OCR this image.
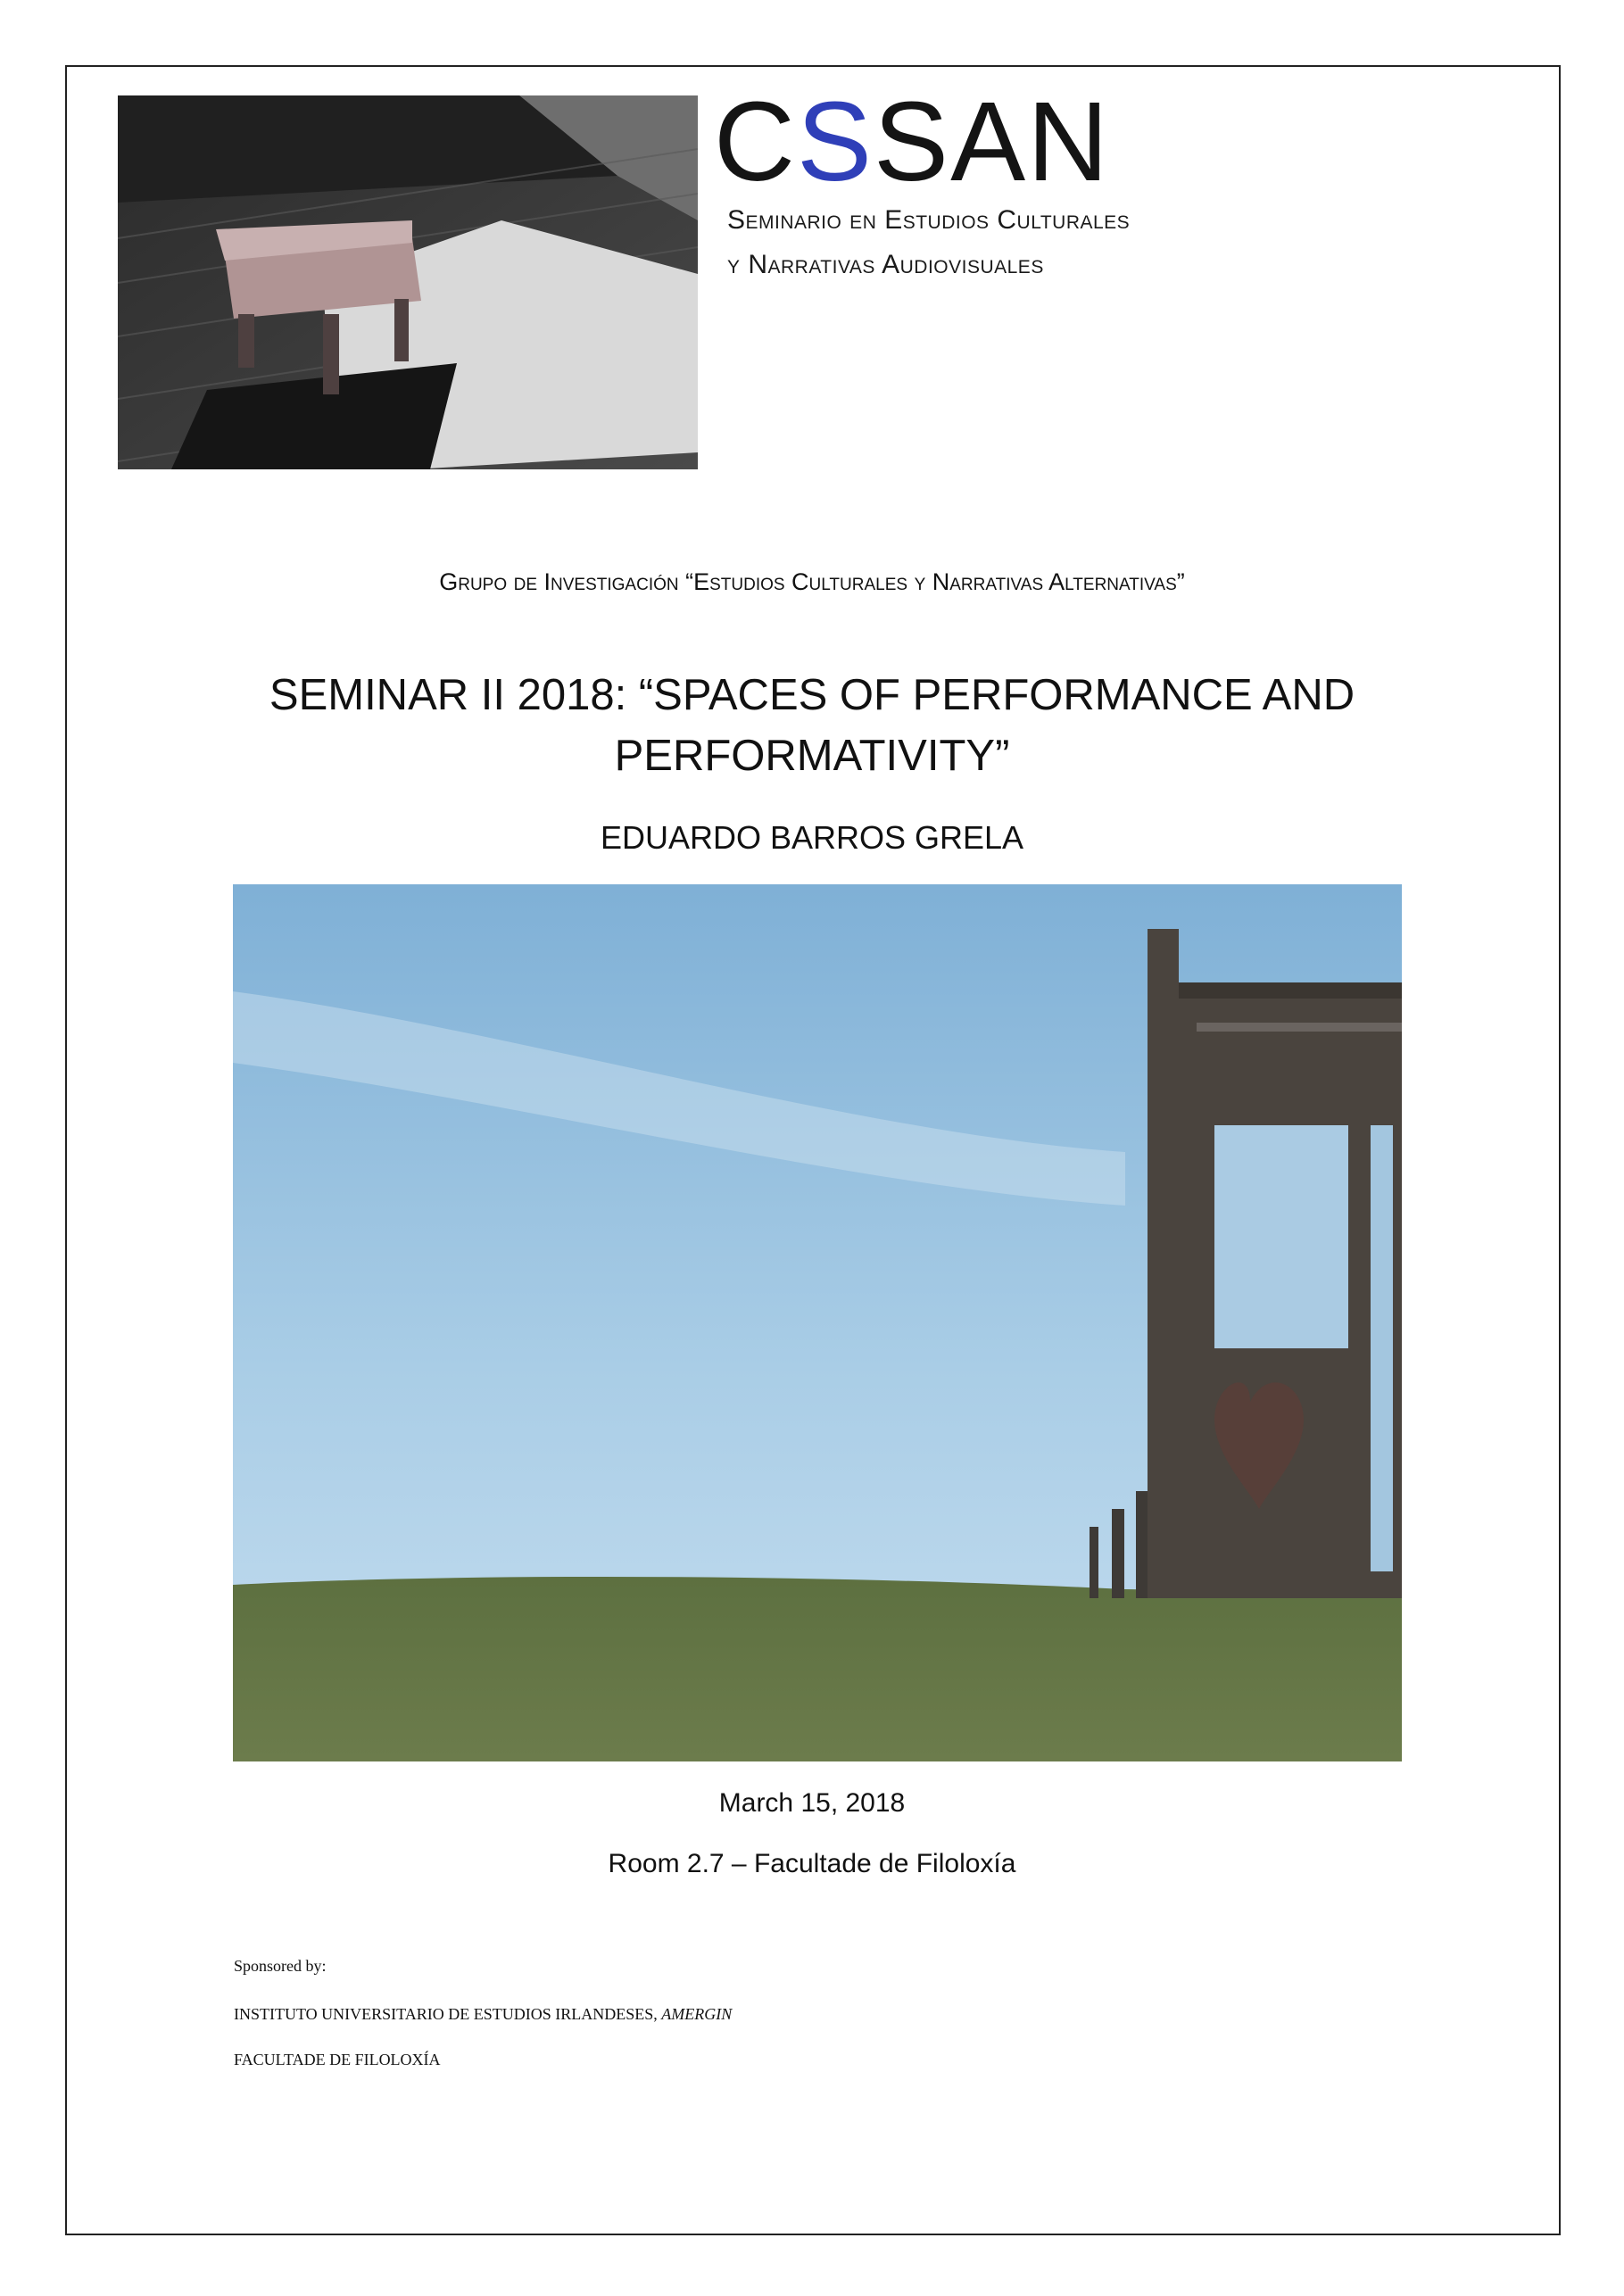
CSSAN
Seminario en Estudios Culturales
y Narrativas Audiovisuales
Grupo de Investigación “Estudios Culturales y Narrativas Alternativas”
SEMINAR II 2018: “SPACES OF PERFORMANCE AND
PERFORMATIVITY”
EDUARDO BARROS GRELA
March 15, 2018
Room 2.7 – Facultade de Filoloxía
Sponsored by:
INSTITUTO UNIVERSITARIO DE ESTUDIOS IRLANDESES, AMERGIN
FACULTADE DE FILOLOXÍA
